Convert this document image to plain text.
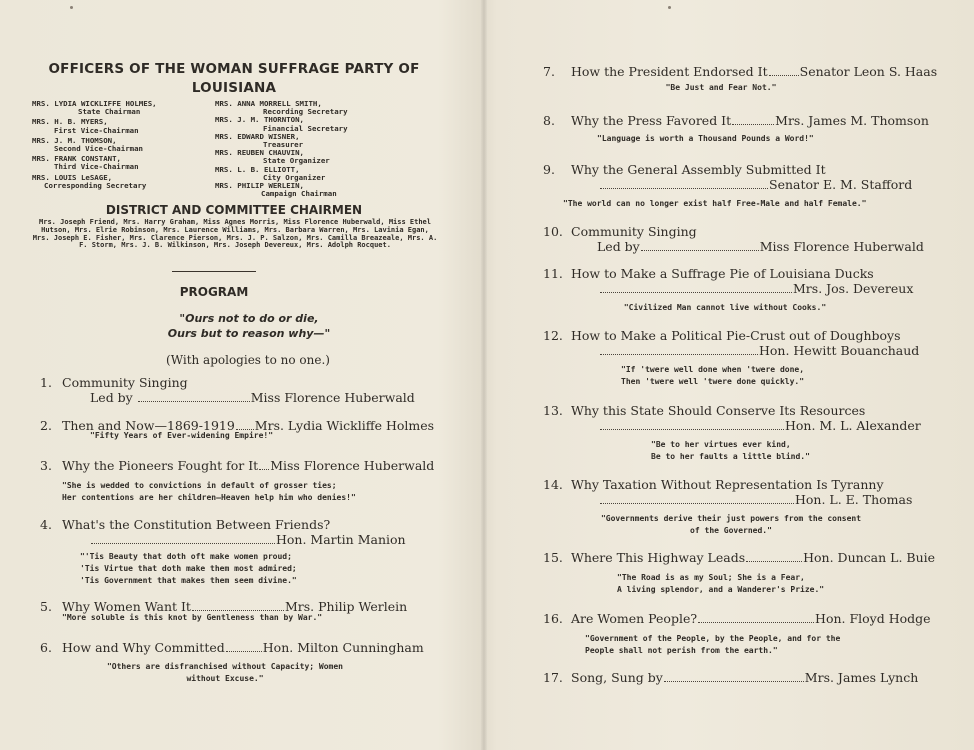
OFFICERS OF THE WOMAN SUFFRAGE PARTY OF LOUISIANA
MRS. LYDIA WICKLIFFE HOLMES,
State Chairman
MRS. H. B. MYERS,
First Vice-Chairman
MRS. J. M. THOMSON,
Second Vice-Chairman
MRS. FRANK CONSTANT,
Third Vice-Chairman
MRS. LOUIS LeSAGE,
Corresponding Secretary
MRS. ANNA MORRELL SMITH,
Recording Secretary
MRS. J. M. THORNTON,
Financial Secretary
MRS. EDWARD WISNER,
Treasurer
MRS. REUBEN CHAUVIN,
State Organizer
MRS. L. B. ELLIOTT,
City Organizer
MRS. PHILIP WERLEIN,
Campaign Chairman
DISTRICT AND COMMITTEE CHAIRMEN
Mrs. Joseph Friend, Mrs. Harry Graham, Miss Agnes Morris, Miss Florence Huberwald, Miss Ethel Hutson, Mrs. Elrie Robinson, Mrs. Laurence Williams, Mrs. Barbara Warren, Mrs. Lavinia Egan, Mrs. Joseph E. Fisher, Mrs. Clarence Pierson, Mrs. J. P. Salzon, Mrs. Camilla Breazeale, Mrs. A. F. Storm, Mrs. J. B. Wilkinson, Mrs. Joseph Devereux, Mrs. Adolph Rocquet.
PROGRAM
"Ours not to do or die,
Ours but to reason why—"
(With apologies to no one.)
1. Community Singing
Led by	Miss Florence Huberwald
2. Then and Now—1869-1919 Mrs. Lydia Wickliffe Holmes
"Fifty Years of Ever-widening Empire!"
3. Why the Pioneers Fought for It Miss Florence Huberwald
"She is wedded to convictions in default of grosser ties;
Her contentions are her children—Heaven help him who denies!"
4. What's the Constitution Between Friends?
Hon. Martin Manion
"'Tis Beauty that doth oft make women proud;
'Tis Virtue that doth make them most admired;
'Tis Government that makes them seem divine."
5. Why Women Want It	Mrs. Philip Werlein
"More soluble is this knot by Gentleness than by War."
6. How and Why Committed	Hon. Milton Cunningham
"Others are disfranchised without Capacity; Women
without Excuse."
7. How the President Endorsed It	Senator Leon S. Haas
"Be Just and Fear Not."
8. Why the Press Favored It	Mrs. James M. Thomson
"Language is worth a Thousand Pounds a Word!"
9. Why the General Assembly Submitted It
Senator E. M. Stafford
"The world can no longer exist half Free-Male and half Female."
10. Community Singing
Led by	Miss Florence Huberwald
11. How to Make a Suffrage Pie of Louisiana Ducks
Mrs. Jos. Devereux
"Civilized Man cannot live without Cooks."
12. How to Make a Political Pie-Crust out of Doughboys
Hon. Hewitt Bouanchaud
"If 'twere well done when 'twere done,
Then 'twere well 'twere done quickly."
13. Why this State Should Conserve Its Resources
Hon. M. L. Alexander
"Be to her virtues ever kind,
Be to her faults a little blind."
14. Why Taxation Without Representation Is Tyranny
Hon. L. E. Thomas
"Governments derive their just powers from the consent
of the Governed."
15. Where This Highway Leads	Hon. Duncan L. Buie
"The Road is as my Soul; She is a Fear,
A living splendor, and a Wanderer's Prize."
16. Are Women People?	Hon. Floyd Hodge
"Government of the People, by the People, and for the
People shall not perish from the earth."
17. Song, Sung by	Mrs. James Lynch
